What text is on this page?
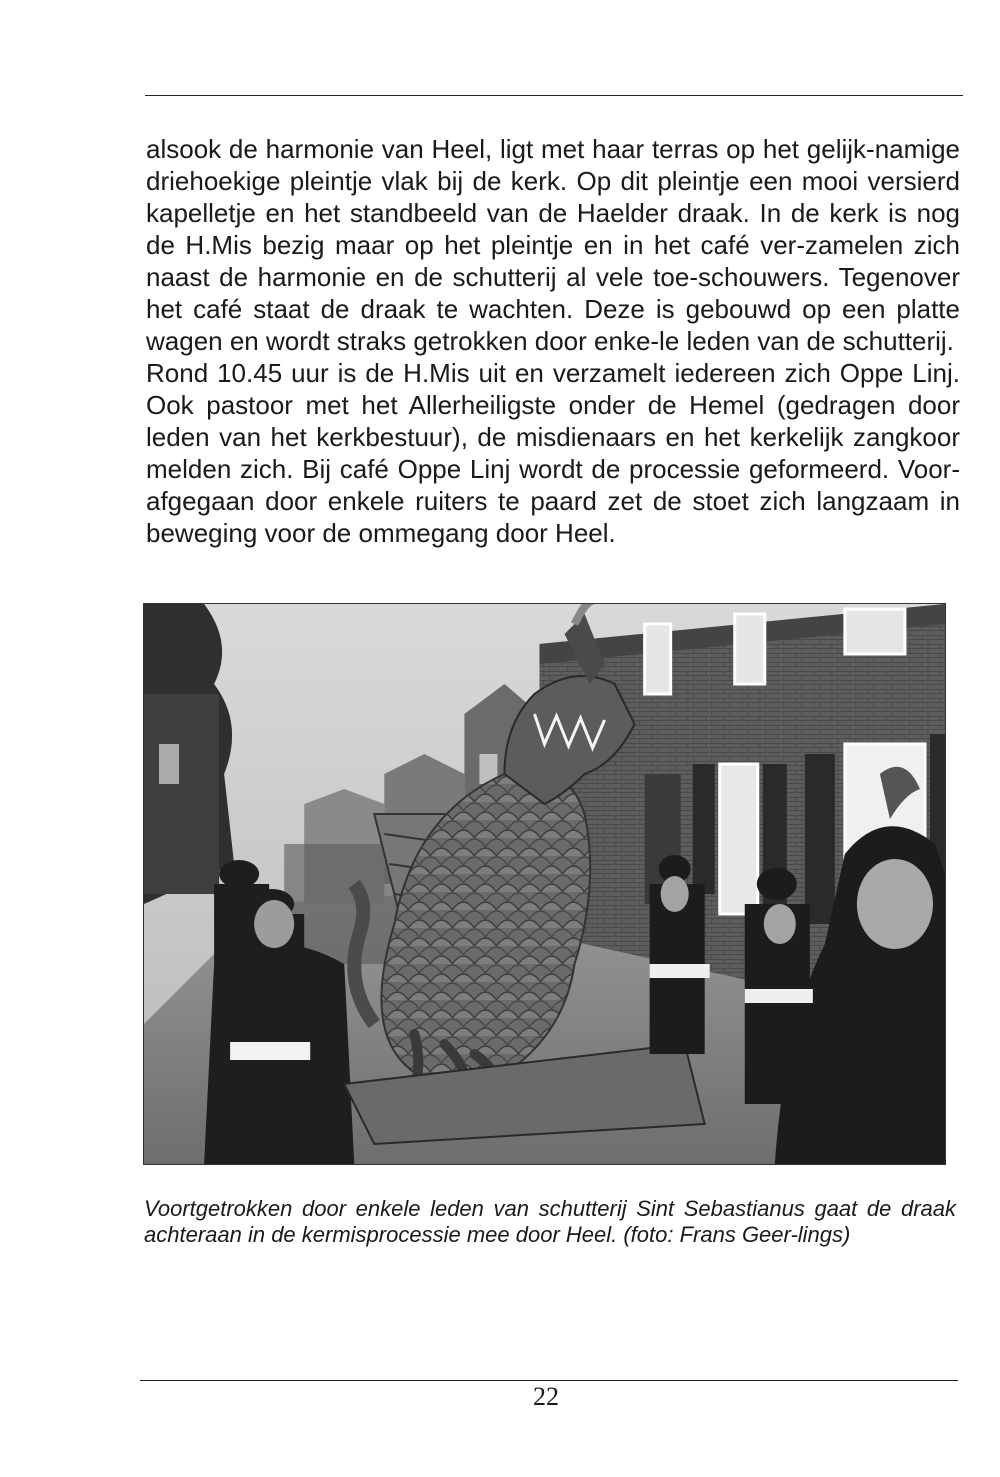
alsook de harmonie van Heel, ligt met haar terras op het gelijk-namige driehoekige pleintje vlak bij de kerk. Op dit pleintje een mooi versierd kapelletje en het standbeeld van de Haelder draak. In de kerk is nog de H.Mis bezig maar op het pleintje en in het café ver-zamelen zich naast de harmonie en de schutterij al vele toe-schouwers. Tegenover het café staat de draak te wachten. Deze is gebouwd op een platte wagen en wordt straks getrokken door enke-le leden van de schutterij.

Rond 10.45 uur is de H.Mis uit en verzamelt iedereen zich Oppe Linj. Ook pastoor met het Allerheiligste onder de Hemel (gedragen door leden van het kerkbestuur), de misdienaars en het kerkelijk zangkoor melden zich. Bij café Oppe Linj wordt de processie geformeerd. Voor-afgegaan door enkele ruiters te paard zet de stoet zich langzaam in beweging voor de ommegang door Heel.

Voortgetrokken door enkele leden van schutterij Sint Sebastianus gaat de draak achteraan in de kermisprocessie mee door Heel. (foto: Frans Geer-lings)

22
